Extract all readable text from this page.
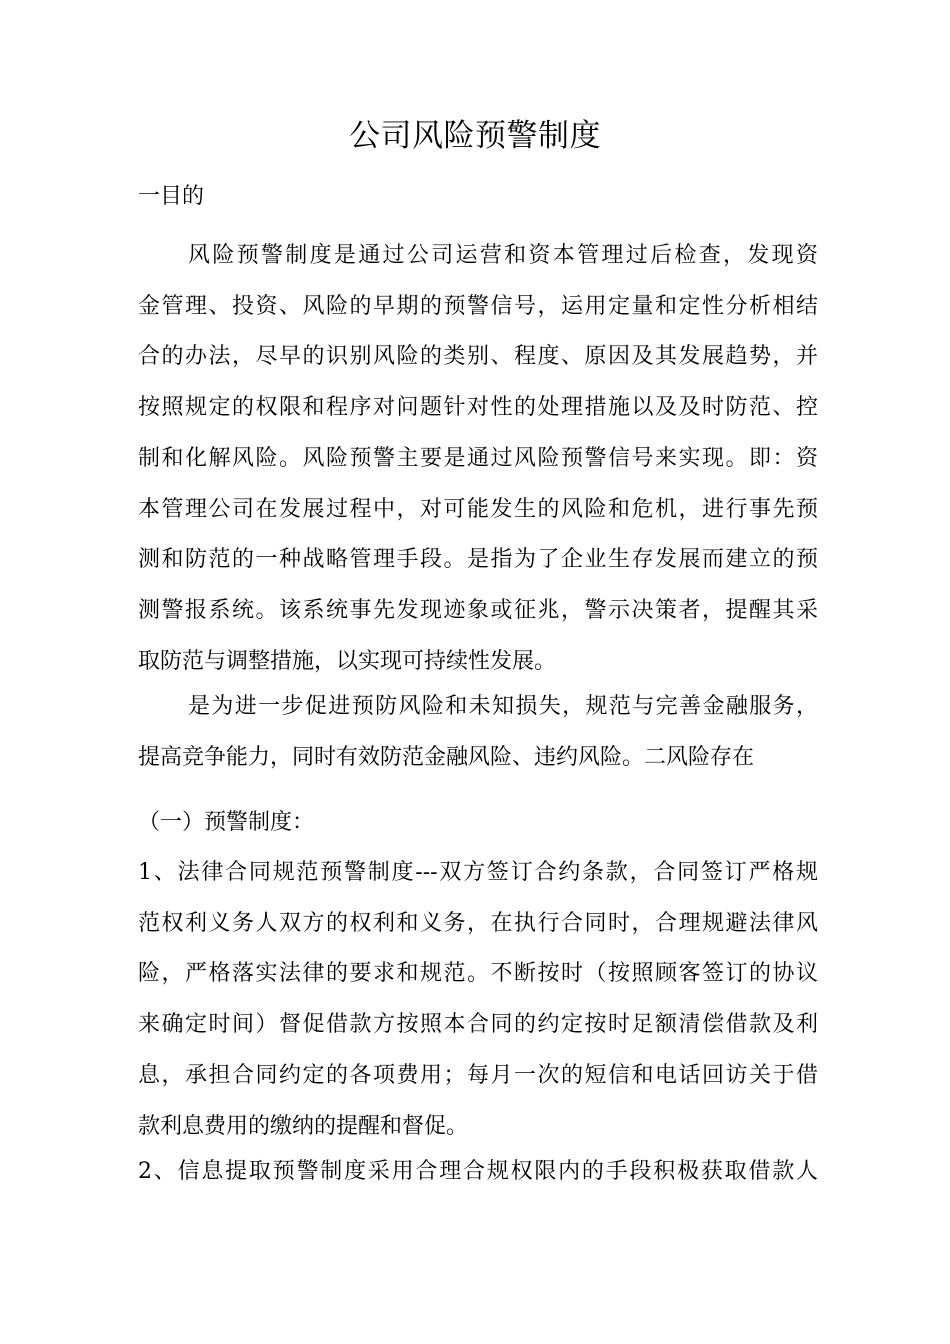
公司风险预警制度
一目的
风险预警制度是通过公司运营和资本管理过后检查，发现资
金管理、投资、风险的早期的预警信号，运用定量和定性分析相结
合的办法，尽早的识别风险的类别、程度、原因及其发展趋势，并
按照规定的权限和程序对问题针对性的处理措施以及及时防范、控
制和化解风险。风险预警主要是通过风险预警信号来实现。即：资
本管理公司在发展过程中，对可能发生的风险和危机，进行事先预
测和防范的一种战略管理手段。是指为了企业生存发展而建立的预
测警报系统。该系统事先发现迹象或征兆，警示决策者，提醒其采
取防范与调整措施，以实现可持续性发展。
是为进一步促进预防风险和未知损失，规范与完善金融服务，
提高竞争能力，同时有效防范金融风险、违约风险。二风险存在
（一）预警制度：
1、法律合同规范预警制度---双方签订合约条款，合同签订严格规
范权利义务人双方的权利和义务，在执行合同时，合理规避法律风
险，严格落实法律的要求和规范。不断按时（按照顾客签订的协议
来确定时间）督促借款方按照本合同的约定按时足额清偿借款及利
息，承担合同约定的各项费用；每月一次的短信和电话回访关于借
款利息费用的缴纳的提醒和督促。
2、信息提取预警制度采用合理合规权限内的手段积极获取借款人
